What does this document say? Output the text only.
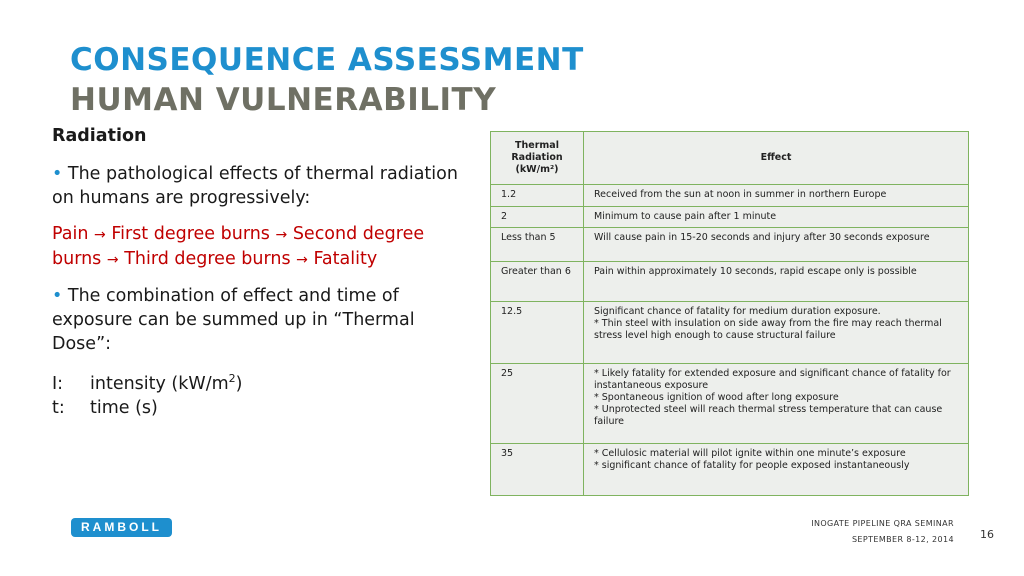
CONSEQUENCE ASSESSMENT
HUMAN VULNERABILITY
Radiation

• The pathological effects of thermal radiation on humans are progressively:

Pain → First degree burns → Second degree burns → Third degree burns → Fatality

• The combination of effect and time of exposure can be summed up in “Thermal Dose”:

I:	intensity $(kW/m^2)$
t:	time (s)
Thermal Radiation (kW/m²)	Effect
1.2	Received from the sun at noon in summer in northern Europe

2	Minimum to cause pain after 1 minute

Less than 5	Will cause pain in 15-20 seconds and injury after 30 seconds exposure

Greater than 6	Pain within approximately 10 seconds, rapid escape only is possible

12.5	Significant chance of fatality for medium duration exposure.
* Thin steel with insulation on side away from the fire may reach thermal stress level high enough to cause structural failure

25	* Likely fatality for extended exposure and significant chance of fatality for instantaneous exposure
* Spontaneous ignition of wood after long exposure
* Unprotected steel will reach thermal stress temperature that can cause failure

35	* Cellulosic material will pilot ignite within one minute’s exposure
* significant chance of fatality for people exposed instantaneously
RAMBOLL	INOGATE PIPELINE QRA SEMINAR
SEPTEMBER 8-12, 2014 16
